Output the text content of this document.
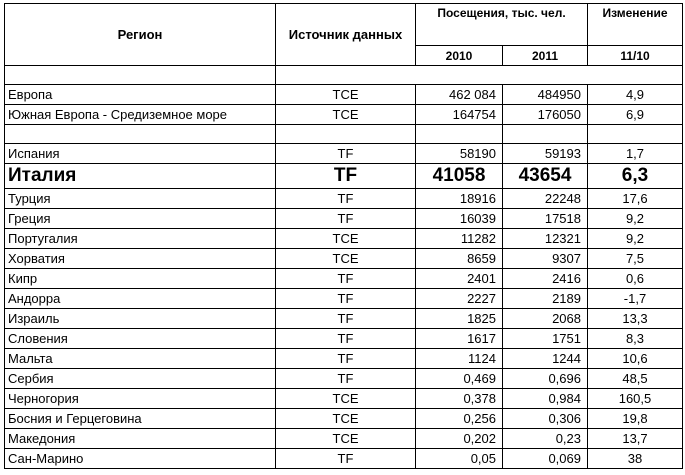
Регион	Источник данных	Посещения, тыс. чел.		Изменение
		2010	2011	11/10

Европа	TCE	462 084	484950	4,9
Южная Европа - Средиземное море	TCE	164754	176050	6,9

Испания	TF	58190	59193	1,7
Италия	TF	41058	43654	6,3
Турция	TF	18916	22248	17,6
Греция	TF	16039	17518	9,2
Португалия	TCE	11282	12321	9,2
Хорватия	TCE	8659	9307	7,5
Кипр	TF	2401	2416	0,6
Андорра	TF	2227	2189	-1,7
Израиль	TF	1825	2068	13,3
Словения	TF	1617	1751	8,3
Мальта	TF	1124	1244	10,6
Сербия	TF	0,469	0,696	48,5
Черногория	TCE	0,378	0,984	160,5
Босния и Герцеговина	TCE	0,256	0,306	19,8
Македония	TCE	0,202	0,23	13,7
Сан-Марино	TF	0,05	0,069	38
